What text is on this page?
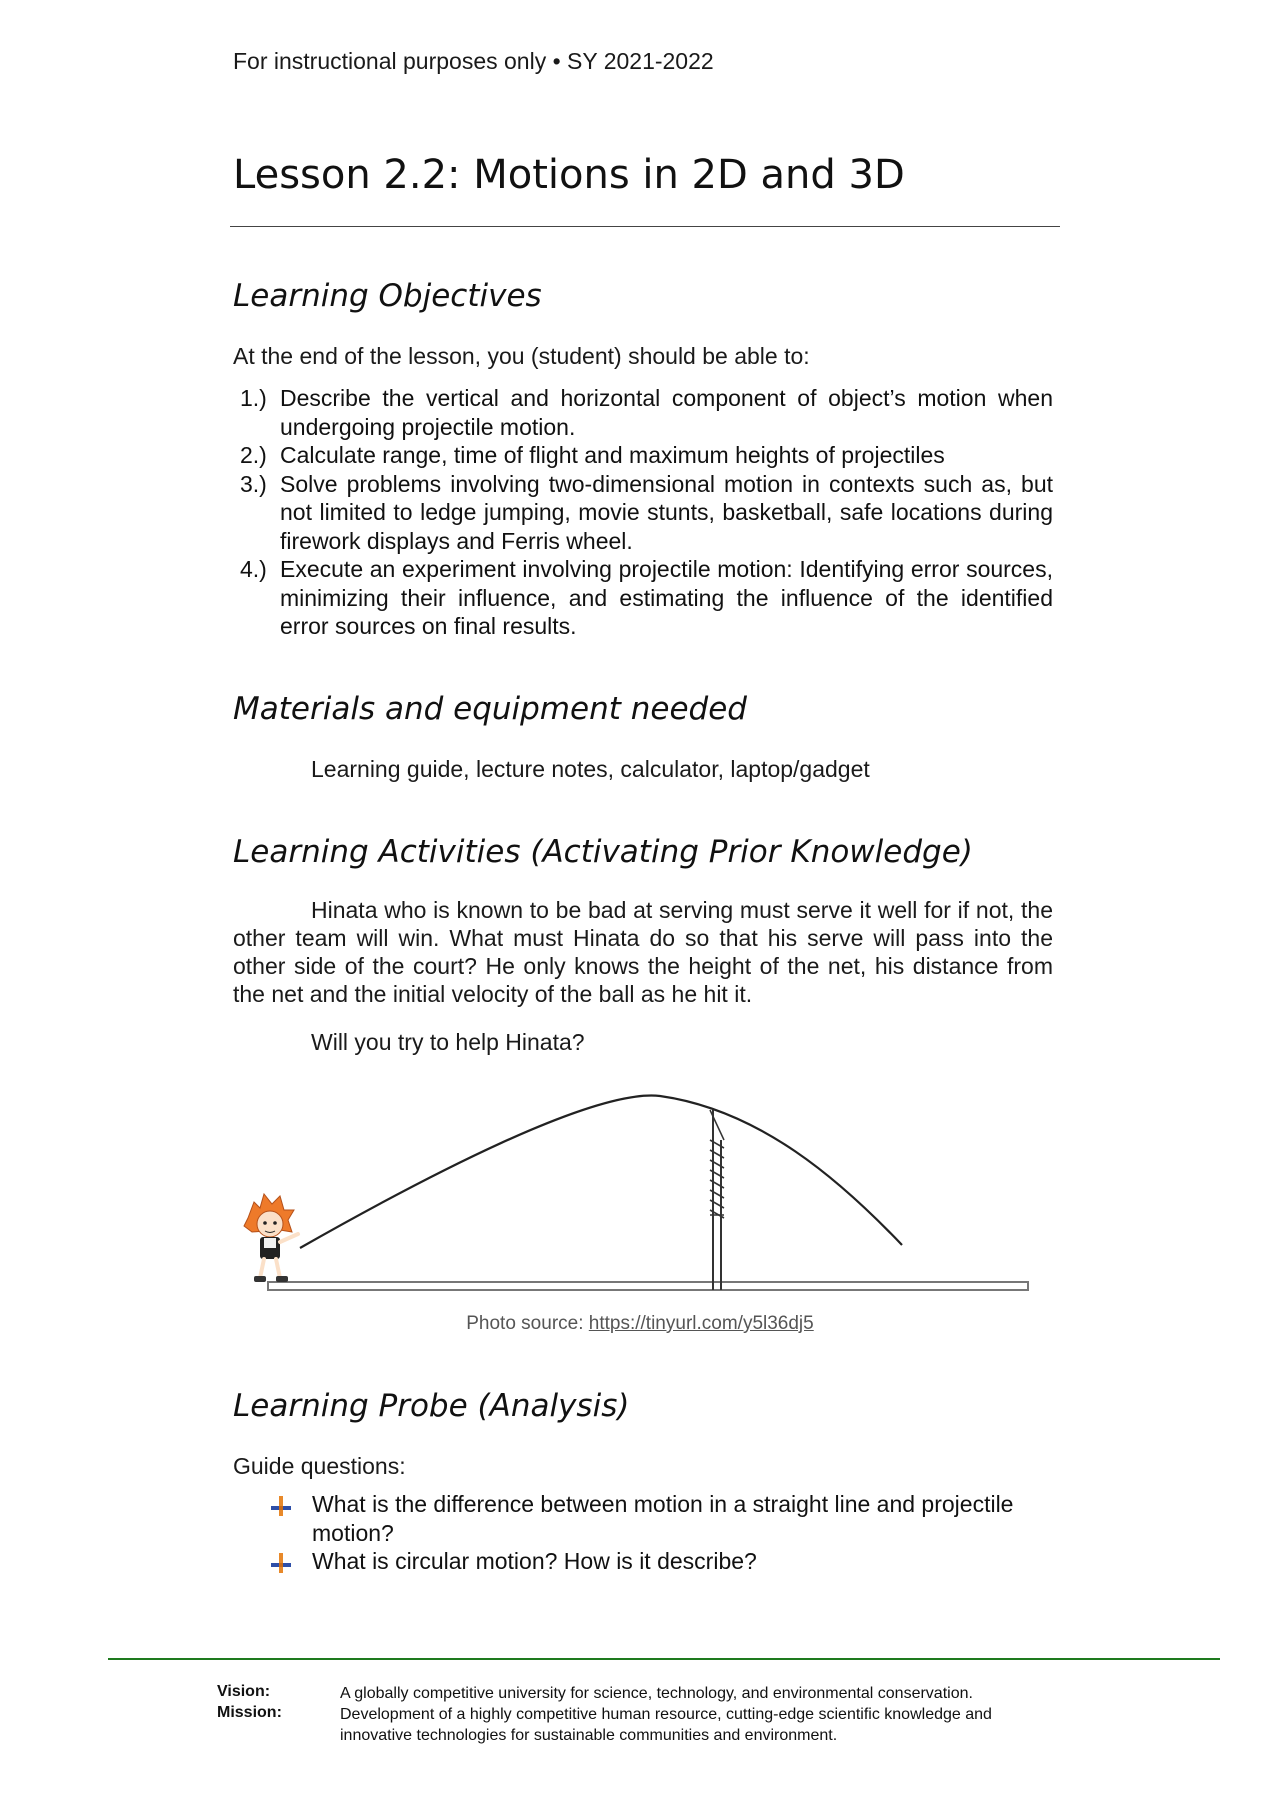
For instructional purposes only • SY 2021-2022
Lesson 2.2: Motions in 2D and 3D
Learning Objectives
At the end of the lesson, you (student) should be able to:
1.) Describe the vertical and horizontal component of object’s motion when undergoing projectile motion.
2.) Calculate range, time of flight and maximum heights of projectiles
3.) Solve problems involving two-dimensional motion in contexts such as, but not limited to ledge jumping, movie stunts, basketball, safe locations during firework displays and Ferris wheel.
4.) Execute an experiment involving projectile motion: Identifying error sources, minimizing their influence, and estimating the influence of the identified error sources on final results.
Materials and equipment needed
Learning guide, lecture notes, calculator, laptop/gadget
Learning Activities (Activating Prior Knowledge)
Hinata who is known to be bad at serving must serve it well for if not, the other team will win. What must Hinata do so that his serve will pass into the other side of the court? He only knows the height of the net, his distance from the net and the initial velocity of the ball as he hit it.
Will you try to help Hinata?
Photo source: https://tinyurl.com/y5l36dj5
Learning Probe (Analysis)
Guide questions:
What is the difference between motion in a straight line and projectile motion?
What is circular motion? How is it describe?
Vision:
Mission:
A globally competitive university for science, technology, and environmental conservation.
Development of a highly competitive human resource, cutting-edge scientific knowledge and innovative technologies for sustainable communities and environment.
